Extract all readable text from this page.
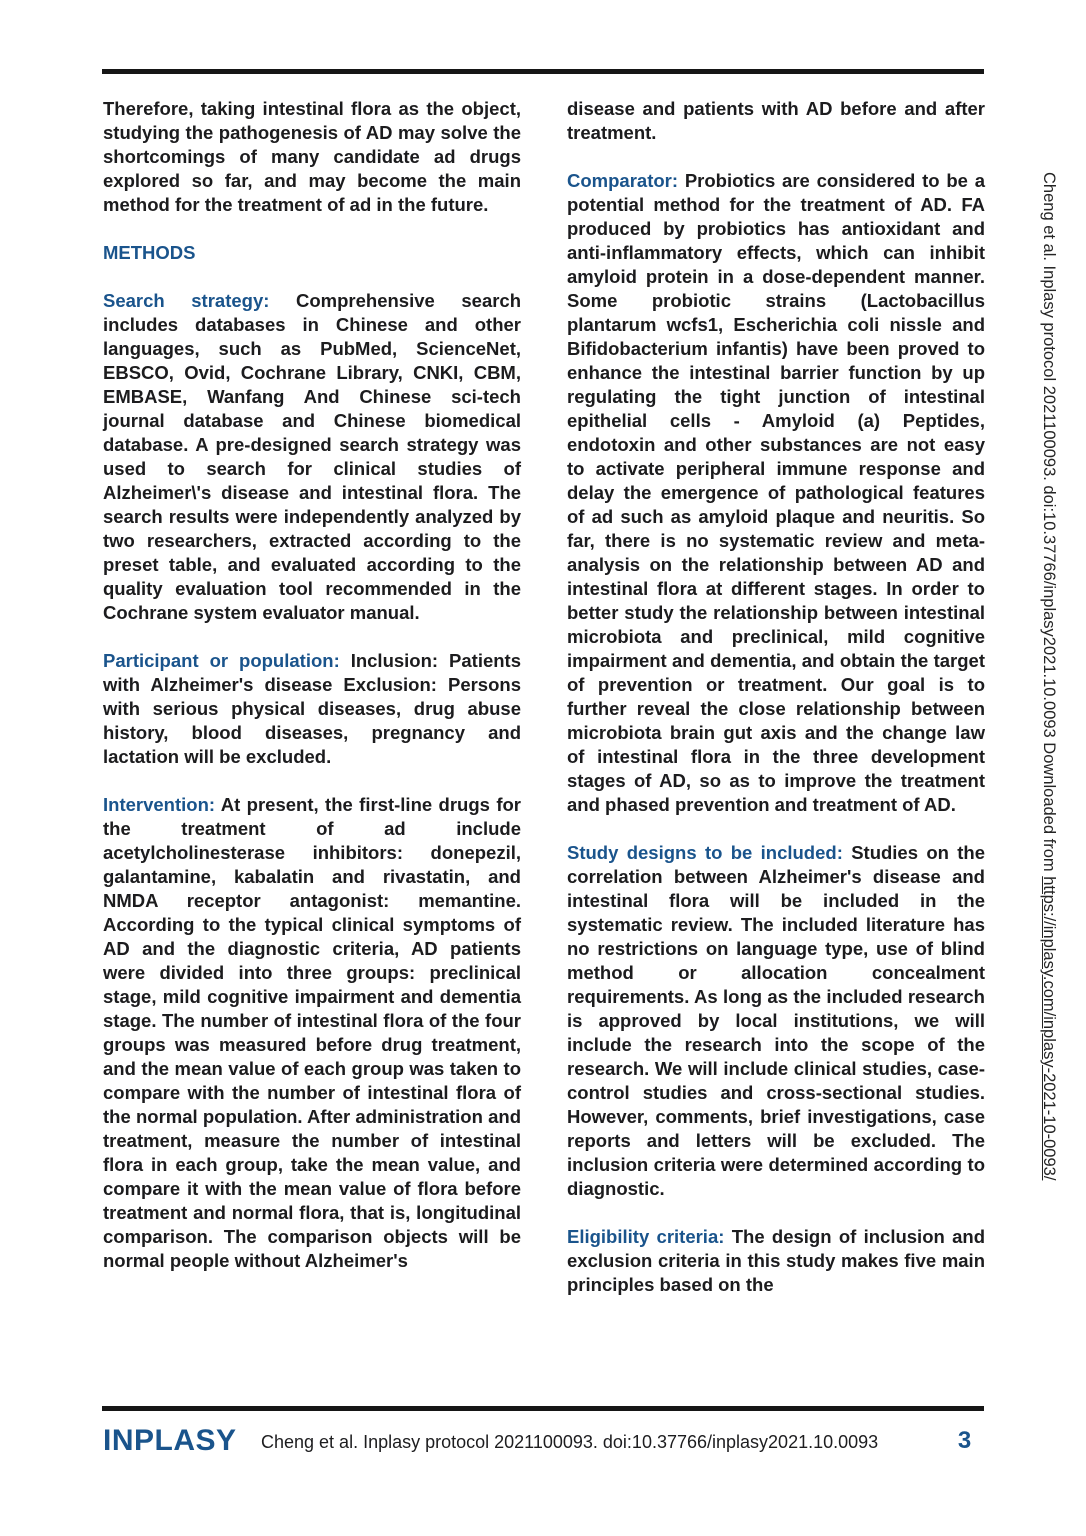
Therefore, taking intestinal flora as the object, studying the pathogenesis of AD may solve the shortcomings of many candidate ad drugs explored so far, and may become the main method for the treatment of ad in the future.

METHODS

Search strategy: Comprehensive search includes databases in Chinese and other languages, such as PubMed, ScienceNet, EBSCO, Ovid, Cochrane Library, CNKI, CBM, EMBASE, Wanfang And Chinese sci-tech journal database and Chinese biomedical database. A pre-designed search strategy was used to search for clinical studies of Alzheimer\'s disease and intestinal flora. The search results were independently analyzed by two researchers, extracted according to the preset table, and evaluated according to the quality evaluation tool recommended in the Cochrane system evaluator manual.

Participant or population: Inclusion: Patients with Alzheimer's disease Exclusion: Persons with serious physical diseases, drug abuse history, blood diseases, pregnancy and lactation will be excluded.

Intervention: At present, the first-line drugs for the treatment of ad include acetylcholinesterase inhibitors: donepezil, galantamine, kabalatin and rivastatin, and NMDA receptor antagonist: memantine. According to the typical clinical symptoms of AD and the diagnostic criteria, AD patients were divided into three groups: preclinical stage, mild cognitive impairment and dementia stage. The number of intestinal flora of the four groups was measured before drug treatment, and the mean value of each group was taken to compare with the number of intestinal flora of the normal population. After administration and treatment, measure the number of intestinal flora in each group, take the mean value, and compare it with the mean value of flora before treatment and normal flora, that is, longitudinal comparison. The comparison objects will be normal people without Alzheimer's

disease and patients with AD before and after treatment.

Comparator: Probiotics are considered to be a potential method for the treatment of AD. FA produced by probiotics has antioxidant and anti-inflammatory effects, which can inhibit amyloid protein in a dose-dependent manner. Some probiotic strains (Lactobacillus plantarum wcfs1, Escherichia coli nissle and Bifidobacterium infantis) have been proved to enhance the intestinal barrier function by up regulating the tight junction of intestinal epithelial cells - Amyloid (a) Peptides, endotoxin and other substances are not easy to activate peripheral immune response and delay the emergence of pathological features of ad such as amyloid plaque and neuritis. So far, there is no systematic review and meta-analysis on the relationship between AD and intestinal flora at different stages. In order to better study the relationship between intestinal microbiota and preclinical, mild cognitive impairment and dementia, and obtain the target of prevention or treatment. Our goal is to further reveal the close relationship between microbiota brain gut axis and the change law of intestinal flora in the three development stages of AD, so as to improve the treatment and phased prevention and treatment of AD.

Study designs to be included: Studies on the correlation between Alzheimer's disease and intestinal flora will be included in the systematic review. The included literature has no restrictions on language type, use of blind method or allocation concealment requirements. As long as the included research is approved by local institutions, we will include the research into the scope of the research. We will include clinical studies, case-control studies and cross-sectional studies. However, comments, brief investigations, case reports and letters will be excluded. The inclusion criteria were determined according to diagnostic.

Eligibility criteria: The design of inclusion and exclusion criteria in this study makes five main principles based on the

Cheng et al. Inplasy protocol 2021100093. doi:10.37766/inplasy2021.10.0093 Downloaded from https://inplasy.com/inplasy-2021-10-0093/
INPLASY Cheng et al. Inplasy protocol 2021100093. doi:10.37766/inplasy2021.10.0093	3
